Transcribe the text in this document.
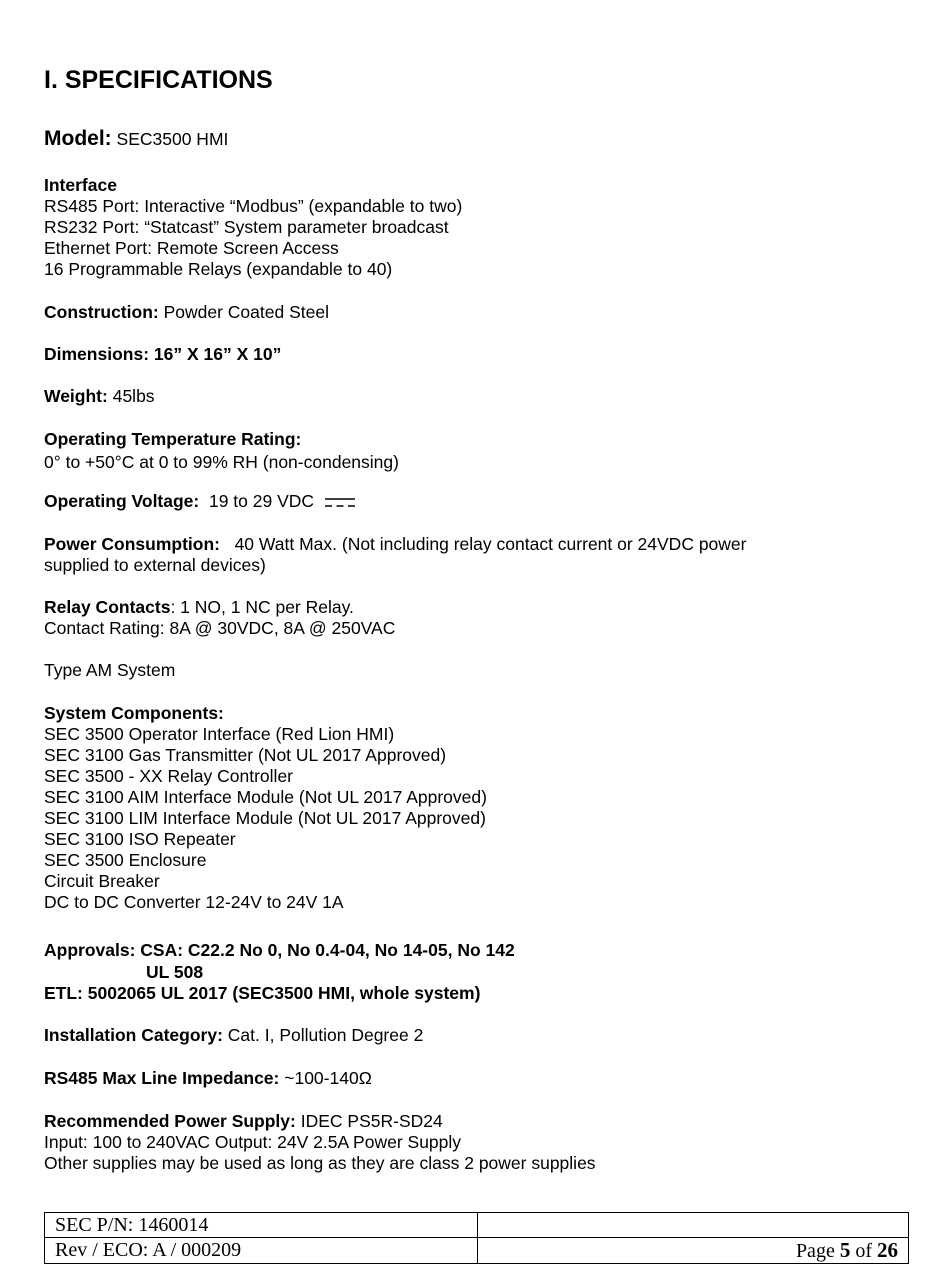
I. SPECIFICATIONS
Model: SEC3500 HMI
Interface
RS485 Port: Interactive “Modbus” (expandable to two)
RS232 Port: “Statcast” System parameter broadcast
Ethernet Port: Remote Screen Access
16 Programmable Relays (expandable to 40)
Construction: Powder Coated Steel
Dimensions: 16” X 16” X 10”
Weight: 45lbs
Operating Temperature Rating:
0° to +50°C at 0 to 99% RH (non-condensing)
Operating Voltage: 19 to 29 VDC
Power Consumption: 40 Watt Max. (Not including relay contact current or 24VDC power
supplied to external devices)
Relay Contacts: 1 NO, 1 NC per Relay.
Contact Rating: 8A @ 30VDC, 8A @ 250VAC
Type AM System
System Components:
SEC 3500 Operator Interface (Red Lion HMI)
SEC 3100 Gas Transmitter (Not UL 2017 Approved)
SEC 3500 - XX Relay Controller
SEC 3100 AIM Interface Module (Not UL 2017 Approved)
SEC 3100 LIM Interface Module (Not UL 2017 Approved)
SEC 3100 ISO Repeater
SEC 3500 Enclosure
Circuit Breaker
DC to DC Converter 12-24V to 24V 1A
Approvals: CSA: C22.2 No 0, No 0.4-04, No 14-05, No 142
UL 508
ETL: 5002065 UL 2017 (SEC3500 HMI, whole system)
Installation Category: Cat. I, Pollution Degree 2
RS485 Max Line Impedance: ~100-140Ω
Recommended Power Supply: IDEC PS5R-SD24
Input: 100 to 240VAC Output: 24V 2.5A Power Supply
Other supplies may be used as long as they are class 2 power supplies
SEC P/N: 1460014	
Rev / ECO: A / 000209	Page 5 of 26
